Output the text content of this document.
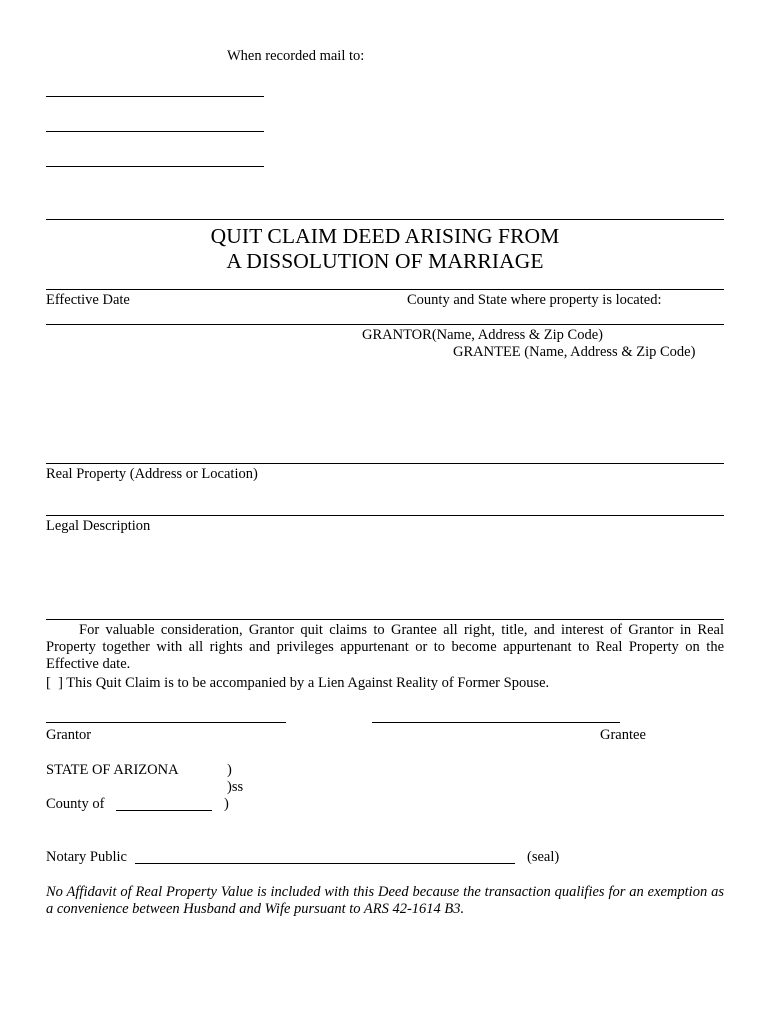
When recorded mail to:
QUIT CLAIM DEED ARISING FROM
A DISSOLUTION OF MARRIAGE
Effective Date	County and State where property is located:
GRANTOR(Name, Address & Zip Code)
GRANTEE (Name, Address & Zip Code)
Real Property (Address or Location)
Legal Description
For valuable consideration, Grantor quit claims to Grantee all right, title, and interest of Grantor in Real Property together with all rights and privileges appurtenant or to become appurtenant to Real Property on the Effective date.
[  ] This Quit Claim is to be accompanied by a Lien Against Reality of Former Spouse.
Grantor	Grantee
STATE OF ARIZONA	)
)ss
County of	)
Notary Public	(seal)
No Affidavit of Real Property Value is included with this Deed because the transaction qualifies for an exemption as a convenience between Husband and Wife pursuant to ARS 42-1614 B3.
